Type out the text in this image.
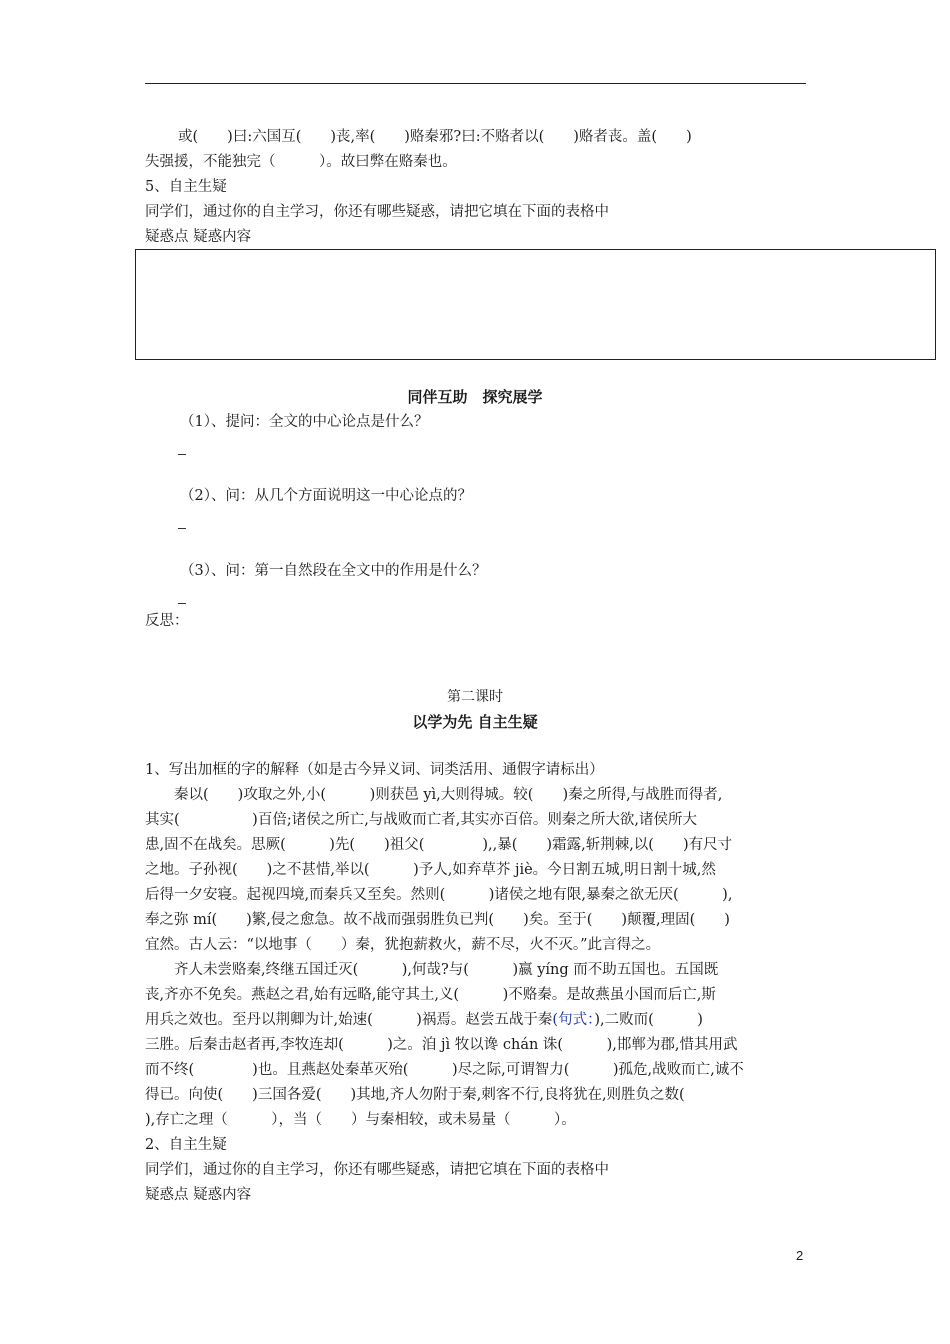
或(　　)曰:六国互(　　)丧,率(　　)赂秦邪?曰:不赂者以(　　)赂者丧。盖(　　)
失强援，不能独完（　　　）。故曰弊在赂秦也。
5、自主生疑
同学们，通过你的自主学习，你还有哪些疑惑，请把它填在下面的表格中
疑惑点 疑惑内容
同伴互助　探究展学
（1）、提问：全文的中心论点是什么？
（2）、问：从几个方面说明这一中心论点的？
（3）、问：第一自然段在全文中的作用是什么？
反思：
第二课时
以学为先 自主生疑
1、写出加框的字的解释（如是古今异义词、词类活用、通假字请标出）
　　秦以(　　)攻取之外,小(　　　)则获邑 yì,大则得城。较(　　)秦之所得,与战胜而得者,
其实(　　　　　)百倍;诸侯之所亡,与战败而亡者,其实亦百倍。则秦之所大欲,诸侯所大
患,固不在战矣。思厥(　　　)先(　　)祖父(　　　　),,暴(　　)霜露,斩荆棘,以(　　)有尺寸
之地。子孙视(　　)之不甚惜,举以(　　　)予人,如弃草芥 jiè。今日割五城,明日割十城,然
后得一夕安寝。起视四境,而秦兵又至矣。然则(　　　)诸侯之地有限,暴秦之欲无厌(　　　),
奉之弥 mí(　　)繁,侵之愈急。故不战而强弱胜负已判(　　)矣。至于(　　)颠覆,理固(　　)
宜然。古人云：“以地事（　　）秦，犹抱薪救火，薪不尽，火不灭。”此言得之。
　　齐人未尝赂秦,终继五国迁灭(　　　),何哉?与(　　　)嬴 yíng 而不助五国也。五国既
丧,齐亦不免矣。燕赵之君,始有远略,能守其土,义(　　　)不赂秦。是故燕虽小国而后亡,斯
用兵之效也。至丹以荆卿为计,始速(　　　)祸焉。赵尝五战于秦(句式：),二败而(　　　)
三胜。后秦击赵者再,李牧连却(　　　)之。洎 jì 牧以谗 chán 诛(　　　),邯郸为郡,惜其用武
而不终(　　　　)也。且燕赵处秦革灭殆(　　　)尽之际,可谓智力(　　　)孤危,战败而亡,诚不
得已。向使(　　)三国各爱(　　)其地,齐人勿附于秦,刺客不行,良将犹在,则胜负之数(
),存亡之理（　　　），当（　　）与秦相较，或未易量（　　　）。
2、自主生疑
同学们，通过你的自主学习，你还有哪些疑惑，请把它填在下面的表格中
疑惑点 疑惑内容
2
